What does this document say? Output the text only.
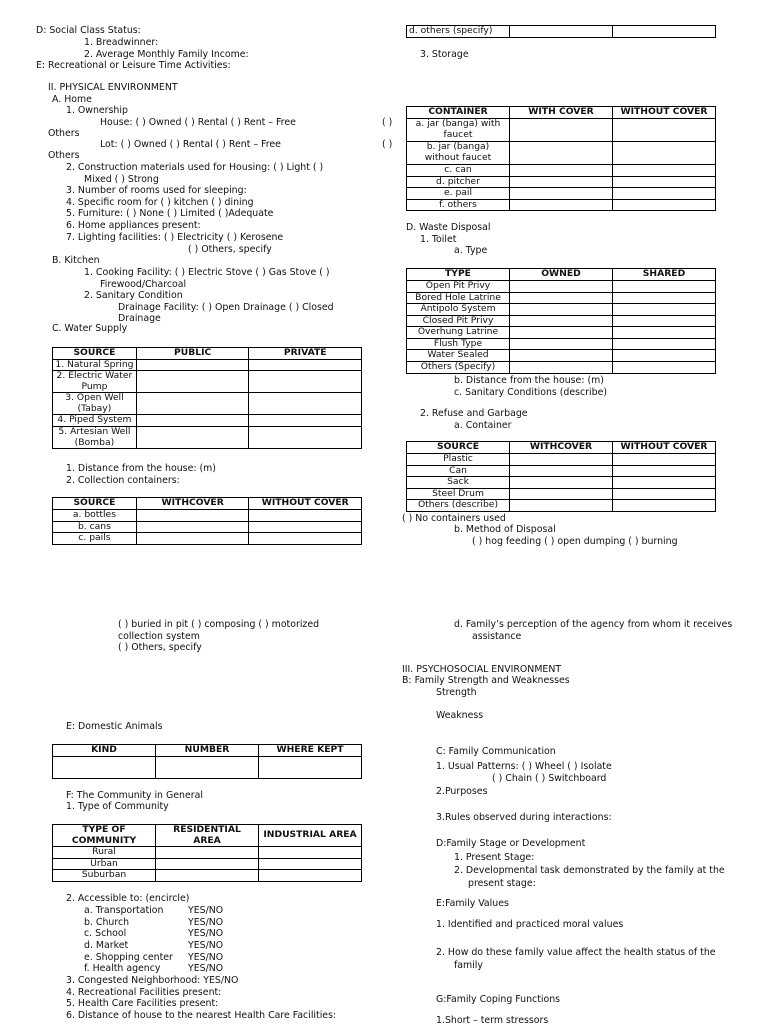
D: Social Class Status:
1. Breadwinner:
2. Average Monthly Family Income:
E: Recreational or Leisure Time Activities:
II. PHYSICAL ENVIRONMENT
A. Home
1. Ownership
House: ( ) Owned ( ) Rental ( ) Rent – Free	( )
Others
Lot: ( ) Owned ( ) Rental ( ) Rent – Free	( )
Others
2. Construction materials used for Housing: ( ) Light ( )
Mixed ( ) Strong
3. Number of rooms used for sleeping:
4. Specific room for ( ) kitchen ( ) dining
5. Furniture: ( ) None ( ) Limited ( )Adequate
6. Home appliances present:
7. Lighting facilities: ( ) Electricity ( ) Kerosene
( ) Others, specify
B. Kitchen
1. Cooking Facility: ( ) Electric Stove ( ) Gas Stove ( )
Firewood/Charcoal
2. Sanitary Condition
Drainage Facility: ( ) Open Drainage ( ) Closed
Drainage
C. Water Supply
SOURCE	PUBLIC	PRIVATE
1. Natural Spring		
2. Electric Water Pump		
3. Open Well (Tabay)		
4. Piped System		
5. Artesian Well (Bomba)		
1. Distance from the house: (m)
2. Collection containers:
SOURCE	WITHCOVER	WITHOUT COVER
a. bottles		
b. cans		
c. pails		
( ) buried in pit ( ) composing ( ) motorized
collection system
( ) Others, specify
E: Domestic Animals
KIND	NUMBER	WHERE KEPT

F: The Community in General
1. Type of Community
TYPE OF COMMUNITY	RESIDENTIAL AREA	INDUSTRIAL AREA
Rural		
Urban		
Suburban		
2. Accessible to: (encircle)
a. Transportation	YES/NO
b. Church	YES/NO
c. School	YES/NO
d. Market	YES/NO
e. Shopping center YES/NO
f. Health agency	YES/NO
3. Congested Neighborhood: YES/NO
4. Recreational Facilities present:
5. Health Care Facilities present:
6. Distance of house to the nearest Health Care Facilities:
d. others (specify)		
3. Storage
CONTAINER	WITH COVER	WITHOUT COVER
a. jar (banga) with faucet		
b. jar (banga) without faucet		
c. can		
d. pitcher		
e. pail		
f. others		
D. Waste Disposal
1. Toilet
a. Type
TYPE	OWNED	SHARED
Open Pit Privy		
Bored Hole Latrine		
Antipolo System		
Closed Pit Privy		
Overhung Latrine		
Flush Type		
Water Sealed		
Others (Specify)		
b. Distance from the house: (m)
c. Sanitary Conditions (describe)
2. Refuse and Garbage
a. Container
SOURCE	WITHCOVER	WITHOUT COVER
Plastic		
Can		
Sack		
Steel Drum		
Others (describe)		
( ) No containers used
b. Method of Disposal
( ) hog feeding ( ) open dumping ( ) burning
d. Family’s perception of the agency from whom it receives
assistance
III. PSYCHOSOCIAL ENVIRONMENT
B: Family Strength and Weaknesses
Strength
Weakness
C: Family Communication
1. Usual Patterns: ( ) Wheel ( ) Isolate
( ) Chain ( ) Switchboard
2.Purposes
3.Rules observed during interactions:
D:Family Stage or Development
1. Present Stage:
2. Developmental task demonstrated by the family at the
present stage:
E:Family Values
1. Identified and practiced moral values
2. How do these family value affect the health status of the
family
G:Family Coping Functions
1.Short – term stressors
